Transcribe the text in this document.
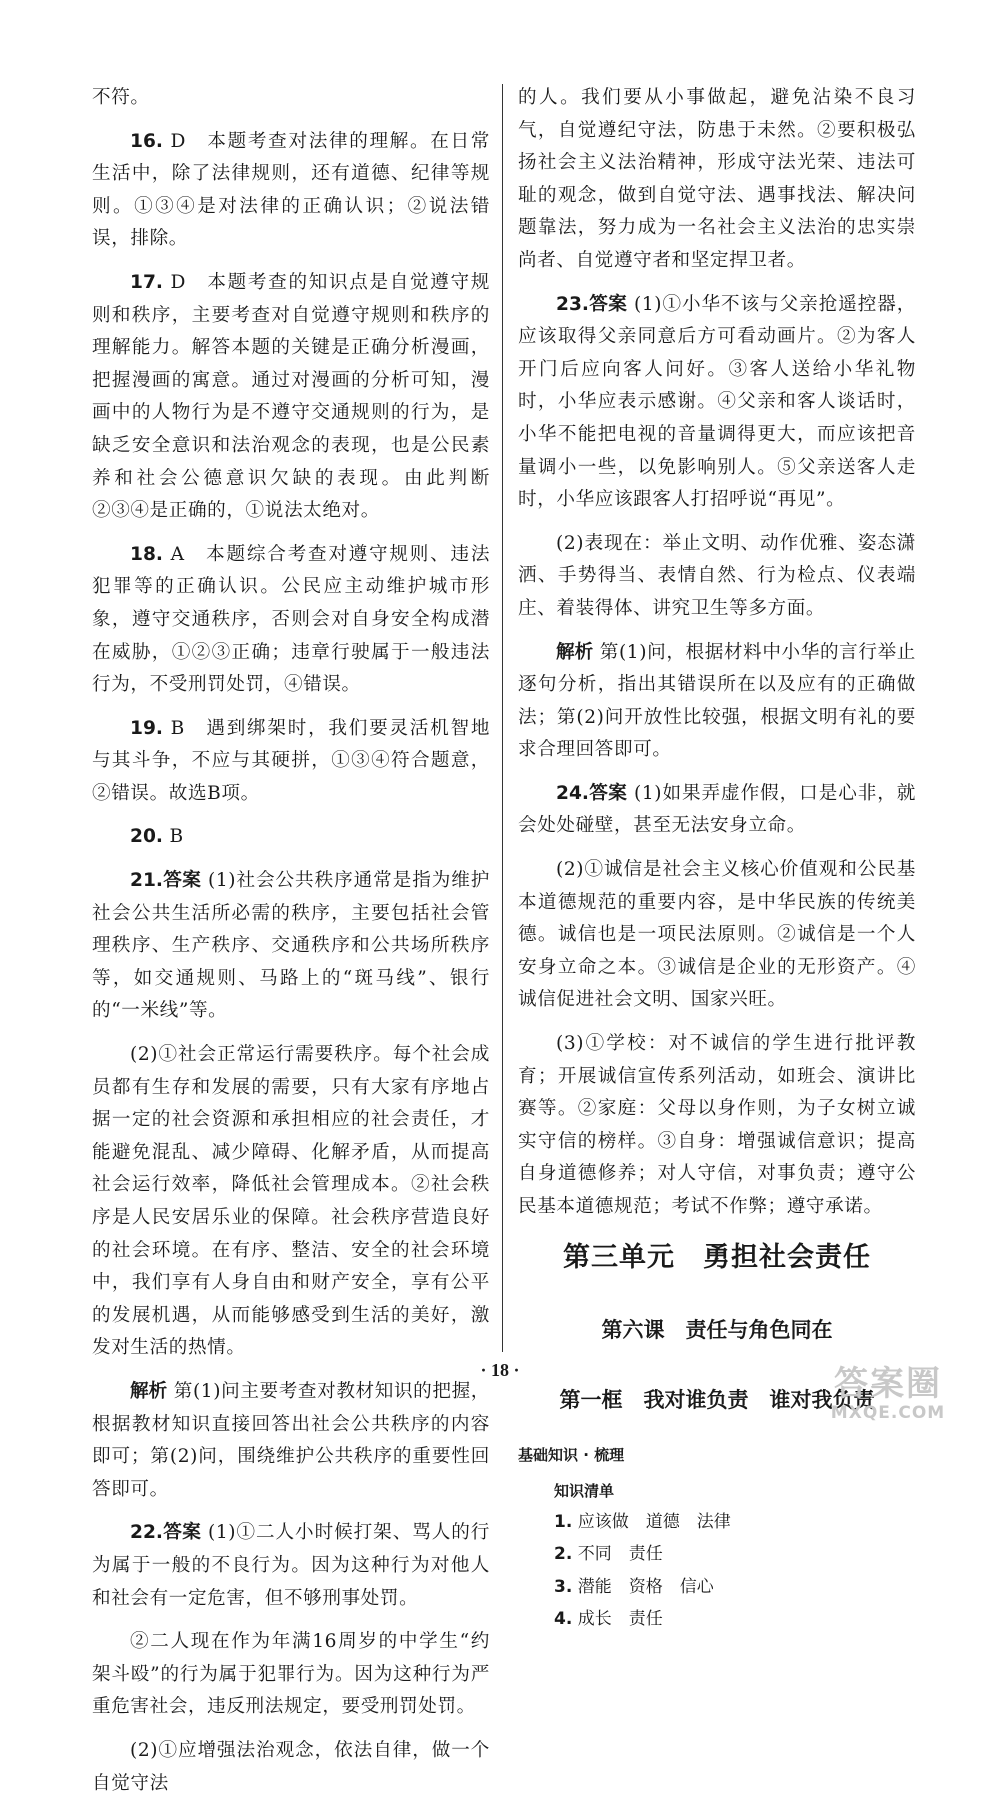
不符。

16. D　本题考查对法律的理解。在日常生活中，除了法律规则，还有道德、纪律等规则。①③④是对法律的正确认识；②说法错误，排除。

17. D　本题考查的知识点是自觉遵守规则和秩序，主要考查对自觉遵守规则和秩序的理解能力。解答本题的关键是正确分析漫画，把握漫画的寓意。通过对漫画的分析可知，漫画中的人物行为是不遵守交通规则的行为，是缺乏安全意识和法治观念的表现，也是公民素养和社会公德意识欠缺的表现。由此判断②③④是正确的，①说法太绝对。

18. A　本题综合考查对遵守规则、违法犯罪等的正确认识。公民应主动维护城市形象，遵守交通秩序，否则会对自身安全构成潜在威胁，①②③正确；违章行驶属于一般违法行为，不受刑罚处罚，④错误。

19. B　遇到绑架时，我们要灵活机智地与其斗争，不应与其硬拼，①③④符合题意，②错误。故选B项。

20. B

21.答案 (1)社会公共秩序通常是指为维护社会公共生活所必需的秩序，主要包括社会管理秩序、生产秩序、交通秩序和公共场所秩序等，如交通规则、马路上的“斑马线”、银行的“一米线”等。

(2)①社会正常运行需要秩序。每个社会成员都有生存和发展的需要，只有大家有序地占据一定的社会资源和承担相应的社会责任，才能避免混乱、减少障碍、化解矛盾，从而提高社会运行效率，降低社会管理成本。②社会秩序是人民安居乐业的保障。社会秩序营造良好的社会环境。在有序、整洁、安全的社会环境中，我们享有人身自由和财产安全，享有公平的发展机遇，从而能够感受到生活的美好，激发对生活的热情。

解析 第(1)问主要考查对教材知识的把握，根据教材知识直接回答出社会公共秩序的内容即可；第(2)问，围绕维护公共秩序的重要性回答即可。

22.答案 (1)①二人小时候打架、骂人的行为属于一般的不良行为。因为这种行为对他人和社会有一定危害，但不够刑事处罚。

②二人现在作为年满16周岁的中学生“约架斗殴”的行为属于犯罪行为。因为这种行为严重危害社会，违反刑法规定，要受刑罚处罚。

(2)①应增强法治观念，依法自律，做一个自觉守法

的人。我们要从小事做起，避免沾染不良习气，自觉遵纪守法，防患于未然。②要积极弘扬社会主义法治精神，形成守法光荣、违法可耻的观念，做到自觉守法、遇事找法、解决问题靠法，努力成为一名社会主义法治的忠实崇尚者、自觉遵守者和坚定捍卫者。

23.答案 (1)①小华不该与父亲抢遥控器，应该取得父亲同意后方可看动画片。②为客人开门后应向客人问好。③客人送给小华礼物时，小华应表示感谢。④父亲和客人谈话时，小华不能把电视的音量调得更大，而应该把音量调小一些，以免影响别人。⑤父亲送客人走时，小华应该跟客人打招呼说“再见”。

(2)表现在：举止文明、动作优雅、姿态潇洒、手势得当、表情自然、行为检点、仪表端庄、着装得体、讲究卫生等多方面。

解析 第(1)问，根据材料中小华的言行举止逐句分析，指出其错误所在以及应有的正确做法；第(2)问开放性比较强，根据文明有礼的要求合理回答即可。

24.答案 (1)如果弄虚作假，口是心非，就会处处碰壁，甚至无法安身立命。

(2)①诚信是社会主义核心价值观和公民基本道德规范的重要内容，是中华民族的传统美德。诚信也是一项民法原则。②诚信是一个人安身立命之本。③诚信是企业的无形资产。④诚信促进社会文明、国家兴旺。

(3)①学校：对不诚信的学生进行批评教育；开展诚信宣传系列活动，如班会、演讲比赛等。②家庭：父母以身作则，为子女树立诚实守信的榜样。③自身：增强诚信意识；提高自身道德修养；对人守信，对事负责；遵守公民基本道德规范；考试不作弊；遵守承诺。

第三单元　勇担社会责任
第六课　责任与角色同在
第一框　我对谁负责　谁对我负责
基础知识 · 梳理
知识清单
1. 应该做　道德　法律
2. 不同　责任
3. 潜能　资格　信心
4. 成长　责任
· 18 ·	答案圈
MXQE.COM
